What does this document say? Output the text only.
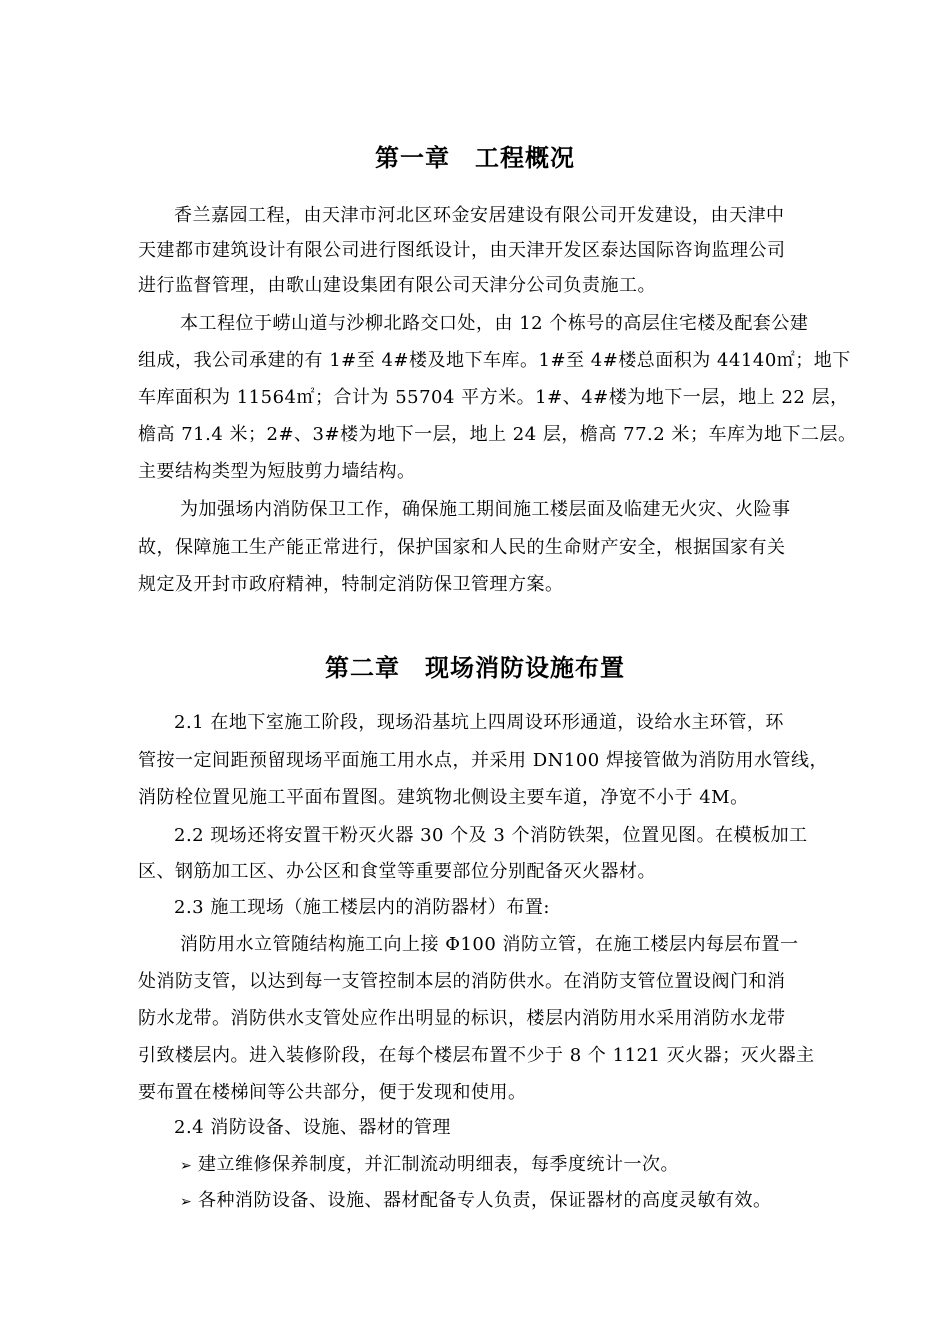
第一章　工程概况

香兰嘉园工程，由天津市河北区环金安居建设有限公司开发建设，由天津中

天建都市建筑设计有限公司进行图纸设计，由天津开发区泰达国际咨询监理公司

进行监督管理，由歌山建设集团有限公司天津分公司负责施工。

本工程位于崂山道与沙柳北路交口处，由 12 个栋号的高层住宅楼及配套公建

组成，我公司承建的有 1#至 4#楼及地下车库。1#至 4#楼总面积为 44140㎡；地下

车库面积为 11564㎡；合计为 55704 平方米。1#、4#楼为地下一层，地上 22 层，

檐高 71.4 米；2#、3#楼为地下一层，地上 24 层，檐高 77.2 米；车库为地下二层。

主要结构类型为短肢剪力墙结构。

为加强场内消防保卫工作，确保施工期间施工楼层面及临建无火灾、火险事

故，保障施工生产能正常进行，保护国家和人民的生命财产安全，根据国家有关

规定及开封市政府精神，特制定消防保卫管理方案。

第二章　现场消防设施布置

2.1 在地下室施工阶段，现场沿基坑上四周设环形通道，设给水主环管，环

管按一定间距预留现场平面施工用水点，并采用 DN100 焊接管做为消防用水管线，

消防栓位置见施工平面布置图。建筑物北侧设主要车道，净宽不小于 4M。

2.2 现场还将安置干粉灭火器 30 个及 3 个消防铁架，位置见图。在模板加工

区、钢筋加工区、办公区和食堂等重要部位分别配备灭火器材。

2.3 施工现场（施工楼层内的消防器材）布置:

消防用水立管随结构施工向上接 Φ100 消防立管，在施工楼层内每层布置一

处消防支管，以达到每一支管控制本层的消防供水。在消防支管位置设阀门和消

防水龙带。消防供水支管处应作出明显的标识，楼层内消防用水采用消防水龙带

引致楼层内。进入装修阶段，在每个楼层布置不少于 8 个 1121 灭火器；灭火器主

要布置在楼梯间等公共部分，便于发现和使用。

2.4 消防设备、设施、器材的管理

➢ 建立维修保养制度，并汇制流动明细表，每季度统计一次。

➢ 各种消防设备、设施、器材配备专人负责，保证器材的高度灵敏有效。
